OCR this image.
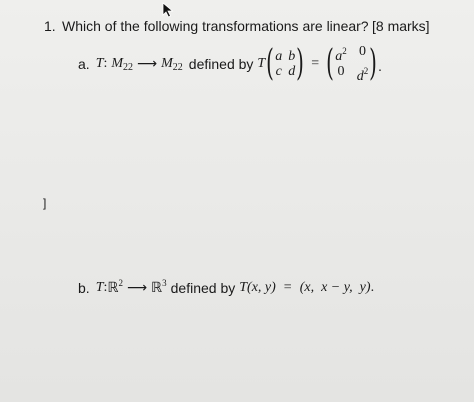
1. Which of the following transformations are linear? [8 marks]
a. T : $M_{22}$ ⟶ $M_{22}$ defined by T ( a b
c d ) = ( $a^2$ 0
0 $d^2$ ) .
]
b. T : ℝ$^2$ ⟶ ℝ$^3$ defined by T(x, y) = (x,  x − y,  y) .
